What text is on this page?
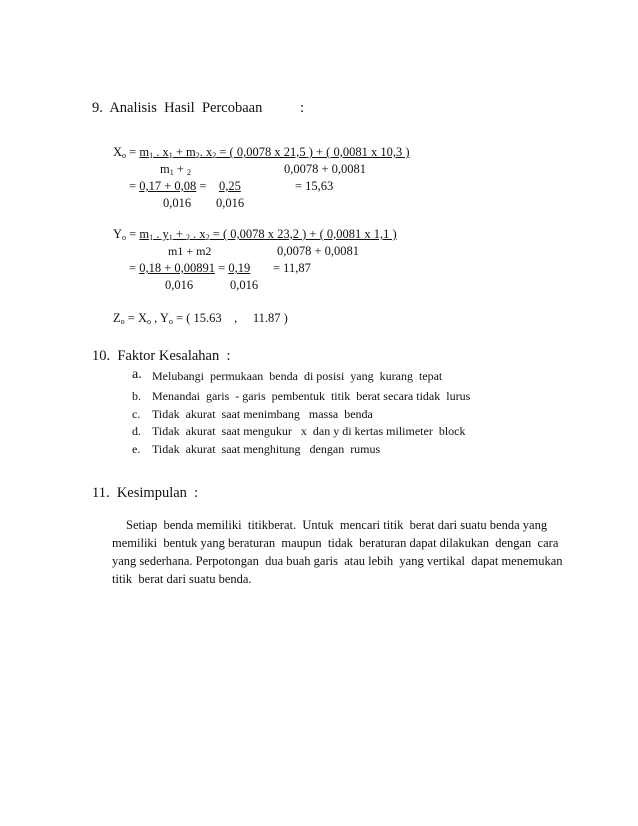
9.  Analisis  Hasil  Percobaan	:
$X_o = m_1$ . $x_1 + m_2$. $x_2$ = ( 0,0078 x 21,5 ) + ( 0,0081 x 10,3 )
$m_1 + _2$	0,0078 + 0,0081
= 0,17 + 0,08 =    0,25	= 15,63
0,016 0,016
$Y_o = m_1$ . $y_1 + _2$ . $x_2$ = ( 0,0078 x 23,2 ) + ( 0,0081 x 1,1 )
m1 + m2	0,0078 + 0,0081
= 0,18 + 0,00891 = 0,19 = 11,87
0,016	0,016
$Z_o = X_o$ , $Y_o$ = ( 15.63    ,     11.87 )
10.  Faktor Kesalahan  :
a. Melubangi  permukaan  benda  di posisi  yang  kurang  tepat
b. Menandai  garis  - garis  pembentuk  titik  berat secara tidak  lurus
c. Tidak  akurat  saat menimbang   massa  benda
d. Tidak  akurat  saat mengukur   x  dan y di kertas milimeter  block
e. Tidak  akurat  saat menghitung   dengan  rumus
11.  Kesimpulan  :
Setiap  benda memiliki  titikberat.  Untuk  mencari titik  berat dari suatu benda yang
memiliki  bentuk yang beraturan  maupun  tidak  beraturan dapat dilakukan  dengan  cara
yang sederhana. Perpotongan  dua buah garis  atau lebih  yang vertikal  dapat menemukan
titik  berat dari suatu benda.
